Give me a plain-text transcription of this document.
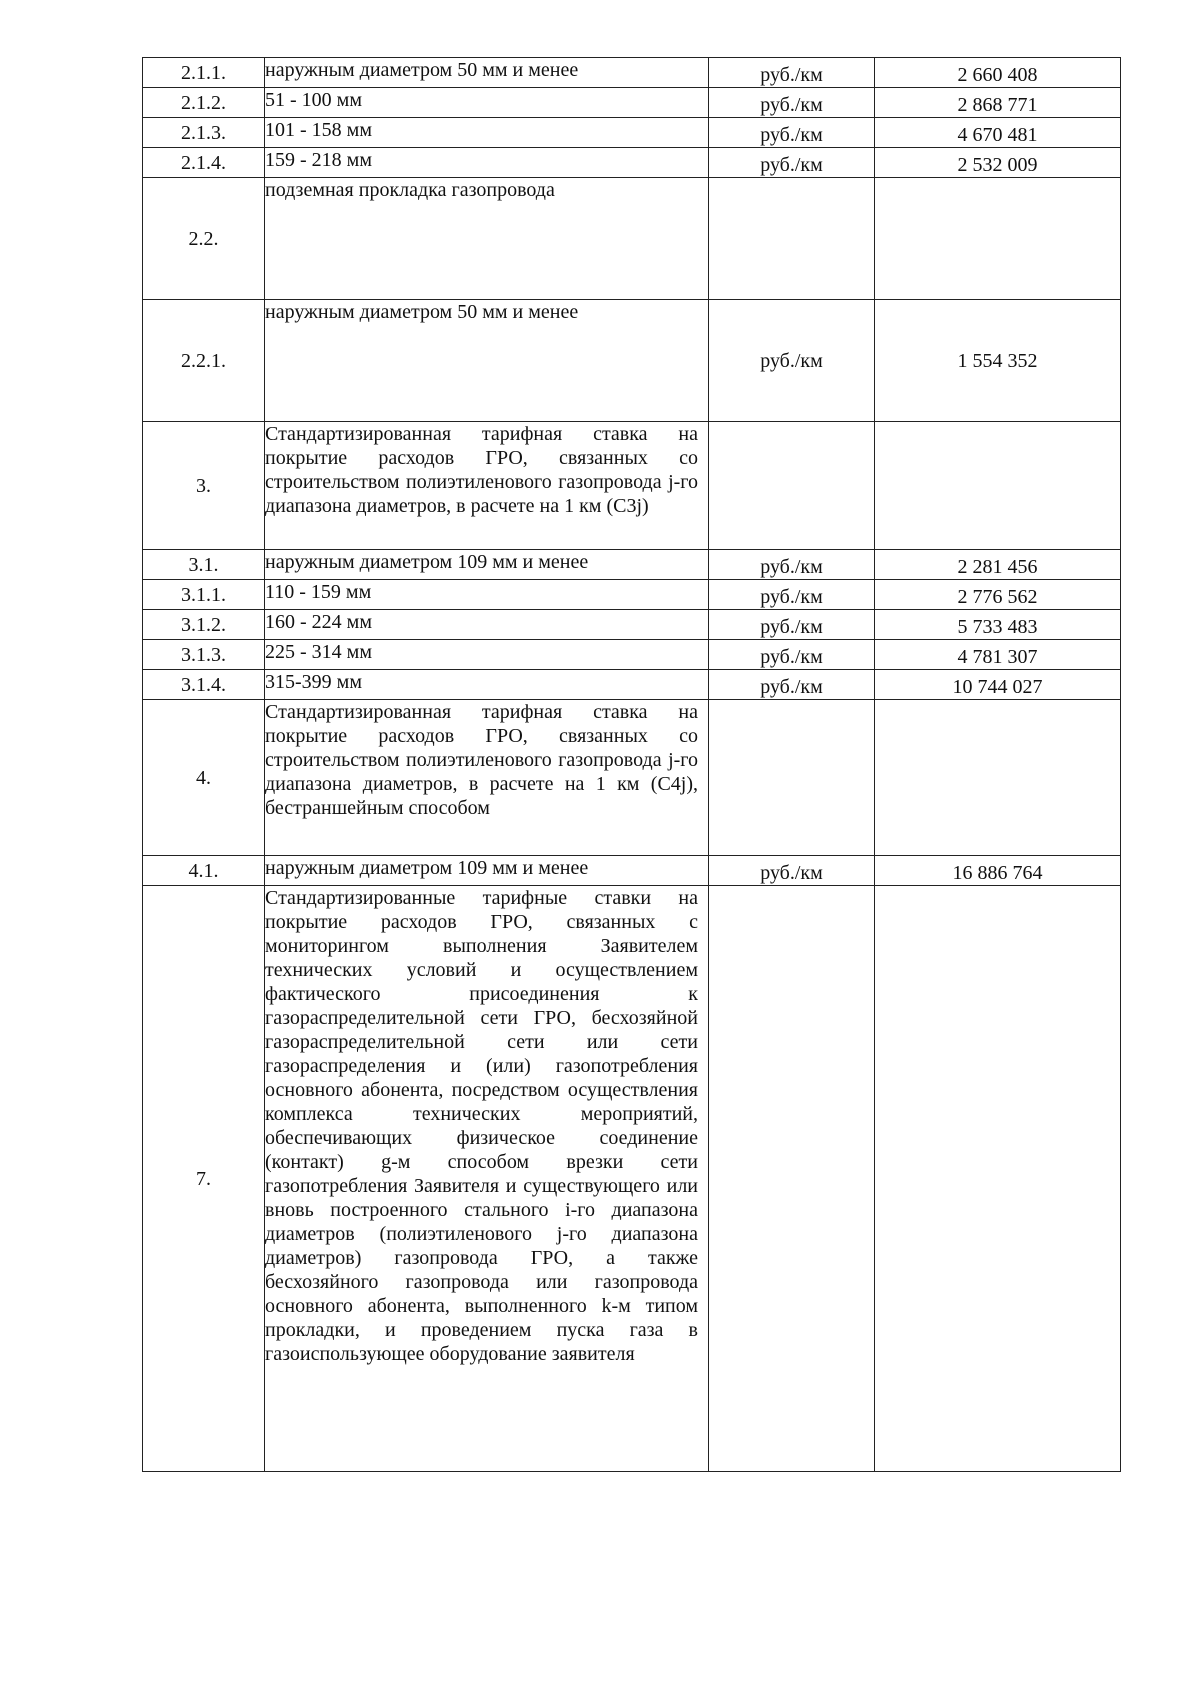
2.1.1.	наружным диаметром 50 мм и менее	руб./км	2 660 408
2.1.2.	51 - 100 мм	руб./км	2 868 771
2.1.3.	101 - 158 мм	руб./км	4 670 481
2.1.4.	159 - 218 мм	руб./км	2 532 009
2.2.	подземная прокладка газопровода		
2.2.1.	наружным диаметром 50 мм и менее	руб./км	1 554 352
3.	Стандартизированная тарифная ставка на покрытие расходов ГРО, связанных со строительством полиэтиленового газопровода j-го диапазона диаметров, в расчете на 1 км (C3j)		
3.1.	наружным диаметром 109 мм и менее	руб./км	2 281 456
3.1.1.	110 - 159 мм	руб./км	2 776 562
3.1.2.	160 - 224 мм	руб./км	5 733 483
3.1.3.	225 - 314 мм	руб./км	4 781 307
3.1.4.	315-399 мм	руб./км	10 744 027
4.	Стандартизированная тарифная ставка на покрытие расходов ГРО, связанных со строительством полиэтиленового газопровода j-го диапазона диаметров, в расчете на 1 км (C4j), бестраншейным способом		
4.1.	наружным диаметром 109 мм и менее	руб./км	16 886 764
7.	Стандартизированные тарифные ставки на покрытие расходов ГРО, связанных с мониторингом выполнения Заявителем технических условий и осуществлением фактического присоединения к газораспределительной сети ГРО, бесхозяйной газораспределительной сети или сети газораспределения и (или) газопотребления основного абонента, посредством осуществления комплекса технических мероприятий, обеспечивающих физическое соединение (контакт) g-м способом врезки сети газопотребления Заявителя и существующего или вновь построенного стального i-го диапазона диаметров (полиэтиленового j-го диапазона диаметров) газопровода ГРО, а также бесхозяйного газопровода или газопровода основного абонента, выполненного k-м типом прокладки, и проведением пуска газа в газоиспользующее оборудование заявителя		
